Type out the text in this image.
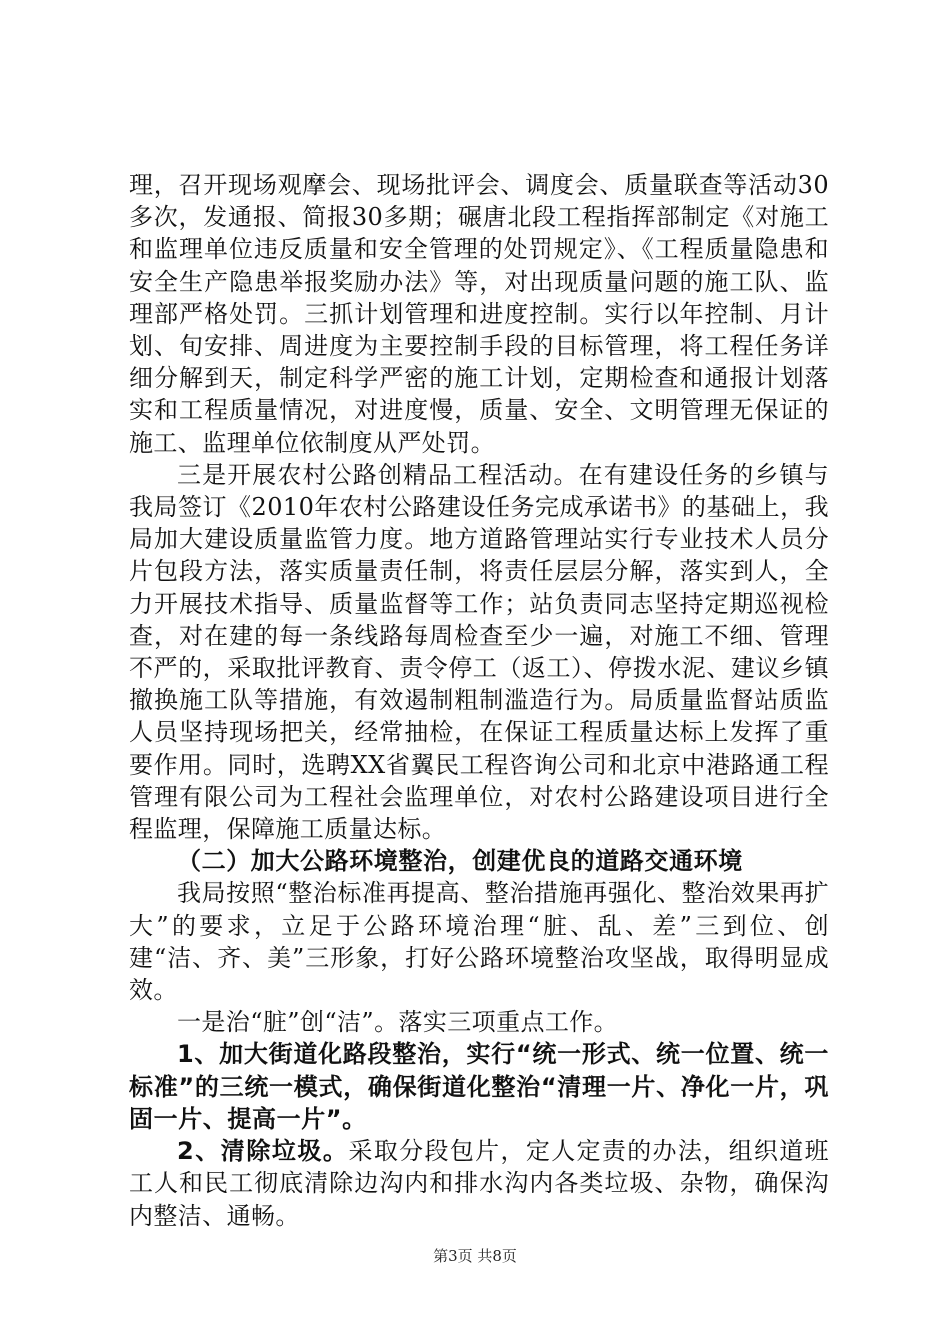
理，召开现场观摩会、现场批评会、调度会、质量联查等活动30多次，发通报、简报30多期；碾唐北段工程指挥部制定《对施工和监理单位违反质量和安全管理的处罚规定》、《工程质量隐患和安全生产隐患举报奖励办法》等，对出现质量问题的施工队、监理部严格处罚。三抓计划管理和进度控制。实行以年控制、月计划、旬安排、周进度为主要控制手段的目标管理，将工程任务详细分解到天，制定科学严密的施工计划，定期检查和通报计划落实和工程质量情况，对进度慢，质量、安全、文明管理无保证的施工、监理单位依制度从严处罚。

三是开展农村公路创精品工程活动。在有建设任务的乡镇与我局签订《2010年农村公路建设任务完成承诺书》的基础上，我局加大建设质量监管力度。地方道路管理站实行专业技术人员分片包段方法，落实质量责任制，将责任层层分解，落实到人，全力开展技术指导、质量监督等工作；站负责同志坚持定期巡视检查，对在建的每一条线路每周检查至少一遍，对施工不细、管理不严的，采取批评教育、责令停工（返工）、停拨水泥、建议乡镇撤换施工队等措施，有效遏制粗制滥造行为。局质量监督站质监人员坚持现场把关，经常抽检，在保证工程质量达标上发挥了重要作用。同时，选聘XX省翼民工程咨询公司和北京中港路通工程管理有限公司为工程社会监理单位，对农村公路建设项目进行全程监理，保障施工质量达标。

（二）加大公路环境整治，创建优良的道路交通环境

我局按照“整治标准再提高、整治措施再强化、整治效果再扩大”的要求，立足于公路环境治理“脏、乱、差”三到位、创建“洁、齐、美”三形象，打好公路环境整治攻坚战，取得明显成效。

一是治“脏”创“洁”。落实三项重点工作。

1、加大街道化路段整治，实行“统一形式、统一位置、统一标准”的三统一模式，确保街道化整治“清理一片、净化一片，巩固一片、提高一片”。

2、清除垃圾。采取分段包片，定人定责的办法，组织道班工人和民工彻底清除边沟内和排水沟内各类垃圾、杂物，确保沟内整洁、通畅。

第3页 共8页
